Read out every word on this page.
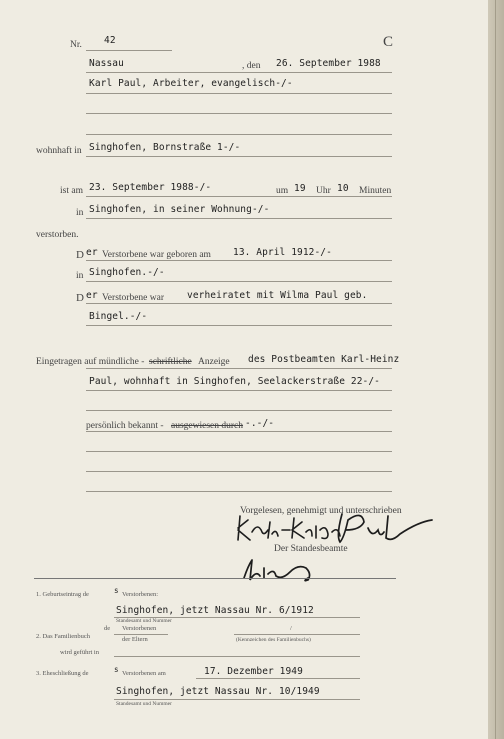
Nr. 42	C
Nassau	, den 26. September 1988
Karl Paul, Arbeiter, evangelisch-/-
wohnhaft in Singhofen, Bornstraße 1-/-
ist am 23. September 1988-/-	um 19 Uhr 10 Minuten
in Singhofen, in seiner Wohnung-/-
verstorben.
D er Verstorbene war geboren am 13. April 1912-/-
in Singhofen.-/-
D er Verstorbene war verheiratet mit Wilma Paul geb.
Bingel.-/-
Eingetragen auf mündliche - schriftliche Anzeige des Postbeamten Karl-Heinz
Paul, wohnhaft in Singhofen, Seelackerstraße 22-/-
persönlich bekannt - ausgewiesen durch -.-/-
Vorgelesen, genehmigt und unterschrieben
Der Standesbeamte
1. Geburtseintrag de	s Verstorbenen:
Singhofen, jetzt Nassau Nr. 6/1912
Standesamt und Nummer
2. Das Familienbuch
de Verstorbenen
der Eltern
/
(Kennzeichen des Familienbuchs)
wird geführt in
3. Eheschließung de	s Verstorbenen am	17. Dezember 1949
Singhofen, jetzt Nassau Nr. 10/1949
Standesamt und Nummer
